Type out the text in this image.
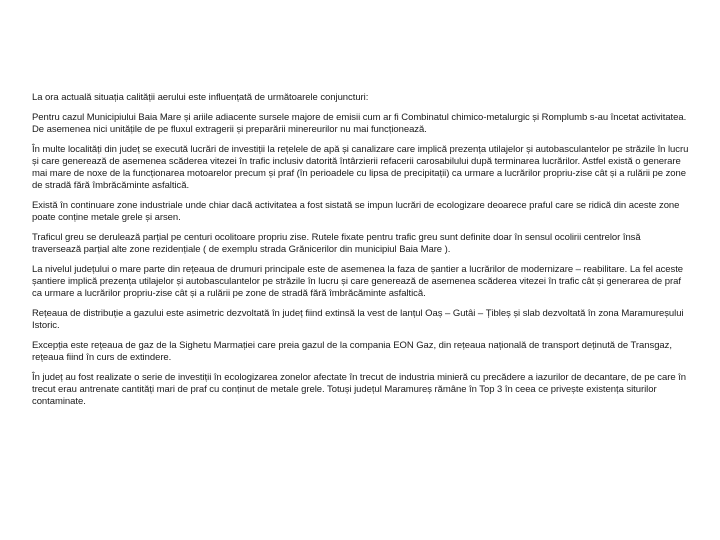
La ora actuală situația calității aerului este influențată de următoarele conjuncturi:

Pentru cazul Municipiului Baia Mare și ariile adiacente sursele majore de emisii cum ar fi Combinatul chimico-metalurgic și Romplumb s-au încetat activitatea. De asemenea nici unitățile de pe fluxul extragerii și preparării minereurilor nu mai funcționează.

În multe localități din județ se execută lucrări de investiții la rețelele de apă și canalizare care implică prezența utilajelor și autobasculantelor pe străzile în lucru și care generează de asemenea scăderea vitezei în trafic inclusiv datorită întârzierii refacerii carosabilului după terminarea lucrărilor. Astfel există o generare mai mare de noxe de la funcționarea motoarelor precum și praf (în perioadele cu lipsa de precipitații) ca urmare a lucrărilor propriu-zise cât și a rulării pe zone de stradă fără îmbrăcăminte asfaltică.

Există în continuare zone industriale unde chiar dacă activitatea a fost sistată se impun lucrări de ecologizare deoarece praful care se ridică din aceste zone poate conține metale grele și arsen.

Traficul greu se derulează parțial pe centuri ocolitoare propriu zise. Rutele fixate pentru trafic greu sunt definite doar în sensul ocolirii centrelor însă traversează parțial alte zone rezidențiale ( de exemplu strada Grănicerilor din municipiul Baia Mare ).

La nivelul județului o mare parte din rețeaua de drumuri principale este de asemenea la faza de șantier a lucrărilor de modernizare – reabilitare. La fel aceste șantiere implică prezența utilajelor și autobasculantelor pe străzile în lucru și care generează de asemenea scăderea vitezei în trafic cât și generarea de praf ca urmare a lucrărilor propriu-zise cât și a rulării pe zone de stradă fără îmbrăcăminte asfaltică.

Rețeaua de distribuție a gazului este asimetric dezvoltată în județ fiind extinsă la vest de lanțul Oaș – Gutâi – Țibleș și slab dezvoltată în zona Maramureșului Istoric.

Excepția este rețeaua de gaz de la Sighetu Marmației care preia gazul de la compania EON Gaz, din rețeaua națională de transport deținută de Transgaz, rețeaua fiind în curs de extindere.

În județ au fost realizate o serie de investiții în ecologizarea zonelor afectate în trecut de industria minieră cu precădere a iazurilor de decantare, de pe care în trecut erau antrenate cantități mari de praf cu conținut de metale grele. Totuși județul Maramureș rămâne în Top 3 în ceea ce privește existența siturilor contaminate.
